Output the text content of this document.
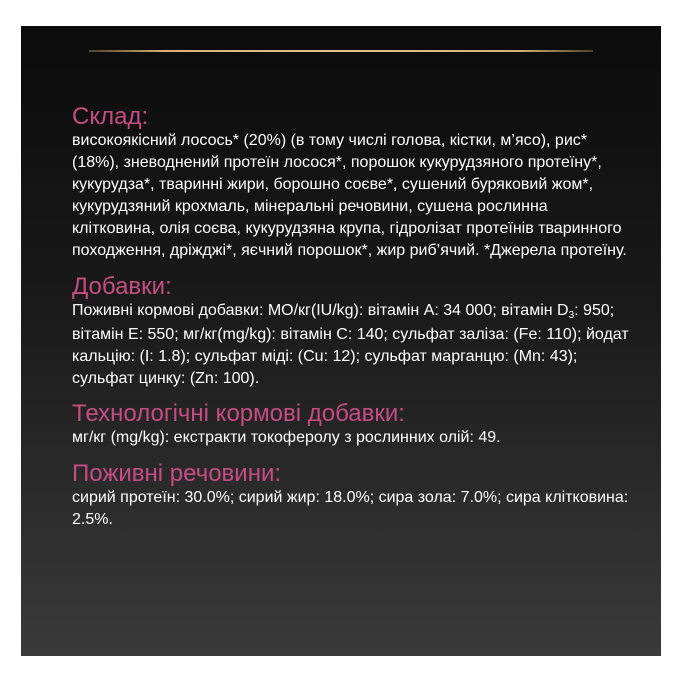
Склад:

високоякісний лосось* (20%) (в тому числі голова, кістки, м’ясо), рис* (18%), зневоднений протеїн лосося*, порошок кукурудзяного протеїну*, кукурудза*, тваринні жири, борошно соєве*, сушений буряковий жом*, кукурудзяний крохмаль, мінеральні речовини, сушена рослинна клітковина, олія соєва, кукурудзяна крупа, гідролізат протеїнів тваринного походження, дріжджі*, яєчний порошок*, жир риб’ячий. *Джерела протеїну.

Добавки:

Поживні кормові добавки: МО/кг(IU/kg): вітамін А: 34 000; вітамін D3: 950; вітамін Е: 550; мг/кг(mg/kg): вітамін С: 140; сульфат заліза: (Fe: 110); йодат кальцію: (I: 1.8); сульфат міді: (Cu: 12); сульфат марганцю: (Mn: 43); сульфат цинку: (Zn: 100).

Технологічні кормові добавки:

мг/кг (mg/kg): екстракти токоферолу з рослинних олій: 49.

Поживні речовини:

сирий протеїн: 30.0%; сирий жир: 18.0%; сира зола: 7.0%; сира клітковина: 2.5%.
